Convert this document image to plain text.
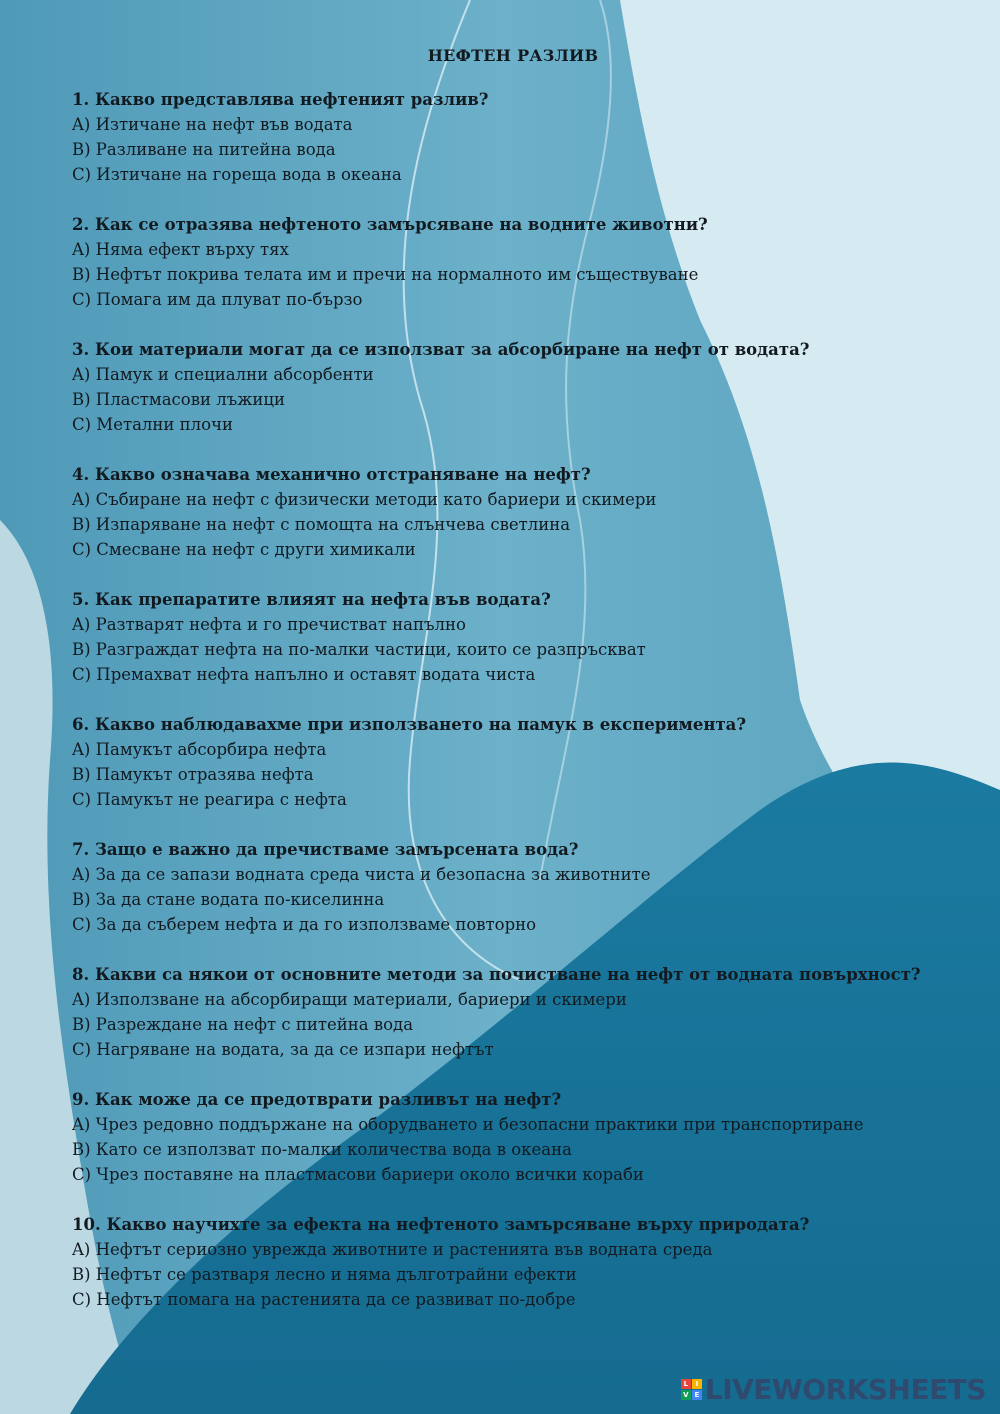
НЕФТЕН РАЗЛИВ
1. Какво представлява нефтеният разлив?
A) Изтичане на нефт във водата
B) Разливане на питейна вода
C) Изтичане на гореща вода в океана
2. Как се отразява нефтеното замърсяване на водните животни?
A) Няма ефект върху тях
B) Нефтът покрива телата им и пречи на нормалното им съществуване
C) Помага им да плуват по-бързо
3. Кои материали могат да се използват за абсорбиране на нефт от водата?
A) Памук и специални абсорбенти
B) Пластмасови лъжици
C) Метални плочи
4. Какво означава механично отстраняване на нефт?
A) Събиране на нефт с физически методи като бариери и скимери
B) Изпаряване на нефт с помощта на слънчева светлина
C) Смесване на нефт с други химикали
5. Как препаратите влияят на нефта във водата?
A) Разтварят нефта и го пречистват напълно
B) Разграждат нефта на по-малки частици, които се разпръскват
C) Премахват нефта напълно и оставят водата чиста
6. Какво наблюдавахме при използването на памук в експеримента?
A) Памукът абсорбира нефта
B) Памукът отразява нефта
C) Памукът не реагира с нефта
7. Защо е важно да пречистваме замърсената вода?
A) За да се запази водната среда чиста и безопасна за животните
B) За да стане водата по-киселинна
C) За да съберем нефта и да го използваме повторно
8. Какви са някои от основните методи за почистване на нефт от водната повърхност?
A) Използване на абсорбиращи материали, бариери и скимери
B) Разреждане на нефт с питейна вода
C) Нагряване на водата, за да се изпари нефтът
9. Как може да се предотврати разливът на нефт?
A) Чрез редовно поддържане на оборудването и безопасни практики при транспортиране
B) Като се използват по-малки количества вода в океана
C) Чрез поставяне на пластмасови бариери около всички кораби
10. Какво научихте за ефекта на нефтеното замърсяване върху природата?
A) Нефтът сериозно уврежда животните и растенията във водната среда
B) Нефтът се разтваря лесно и няма дълготрайни ефекти
C) Нефтът помага на растенията да се развиват по-добре
L	I
V E LIVEWORKSHEETS
